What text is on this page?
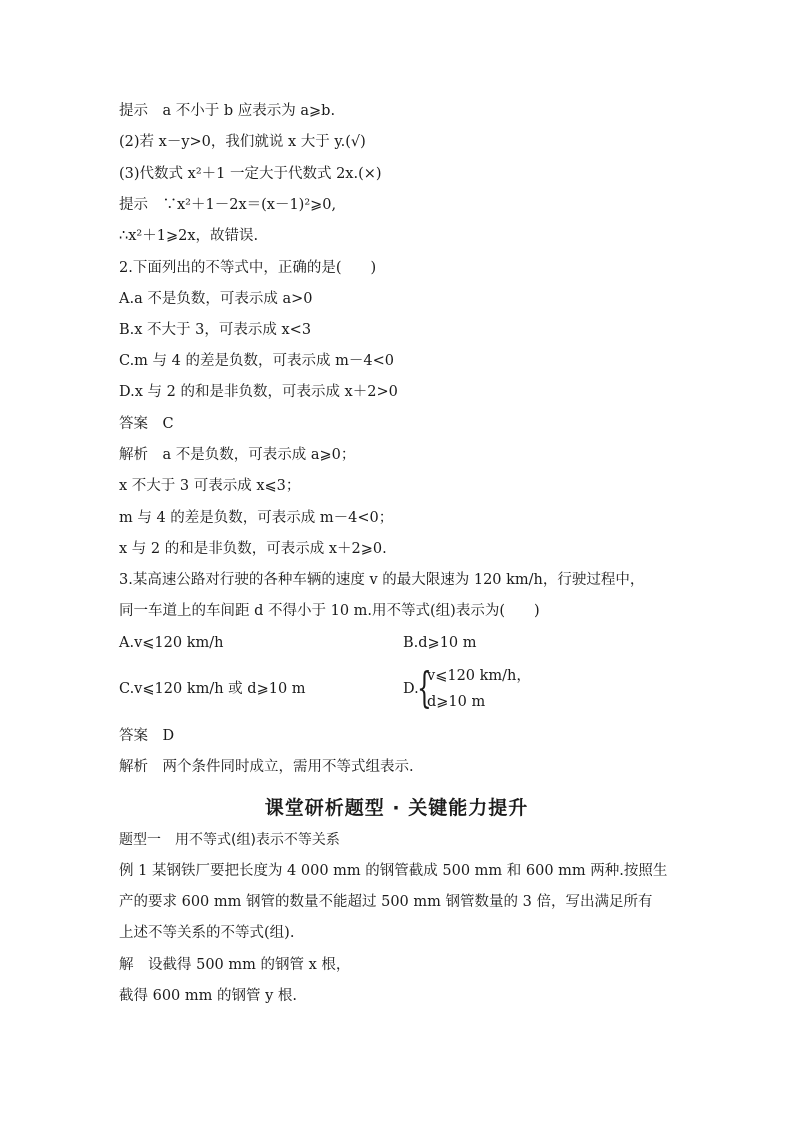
提示　a 不小于 b 应表示为 a⩾b.
(2)若 x－y>0，我们就说 x 大于 y.(√)
(3)代数式 x²＋1 一定大于代数式 2x.(×)
提示　∵x²＋1－2x＝(x－1)²⩾0,
∴x²＋1⩾2x，故错误.
2.下面列出的不等式中，正确的是(　　)
A.a 不是负数，可表示成 a>0
B.x 不大于 3，可表示成 x<3
C.m 与 4 的差是负数，可表示成 m－4<0
D.x 与 2 的和是非负数，可表示成 x＋2>0
答案　C
解析　a 不是负数，可表示成 a⩾0；
x 不大于 3 可表示成 x⩽3；
m 与 4 的差是负数，可表示成 m－4<0；
x 与 2 的和是非负数，可表示成 x＋2⩾0.
3.某高速公路对行驶的各种车辆的速度 v 的最大限速为 120 km/h，行驶过程中，
同一车道上的车间距 d 不得小于 10 m.用不等式(组)表示为(　　)
A.v⩽120 km/h	B.d⩾10 m
C.v⩽120 km/h 或 d⩾10 m	D.
{
v⩽120 km/h，
d⩾10 m
答案　D
解析　两个条件同时成立，需用不等式组表示.
课堂研析题型 · 关键能力提升
题型一　用不等式(组)表示不等关系
例 1 某钢铁厂要把长度为 4 000 mm 的钢管截成 500 mm 和 600 mm 两种.按照生
产的要求 600 mm 钢管的数量不能超过 500 mm 钢管数量的 3 倍，写出满足所有
上述不等关系的不等式(组).
解　设截得 500 mm 的钢管 x 根，
截得 600 mm 的钢管 y 根.
